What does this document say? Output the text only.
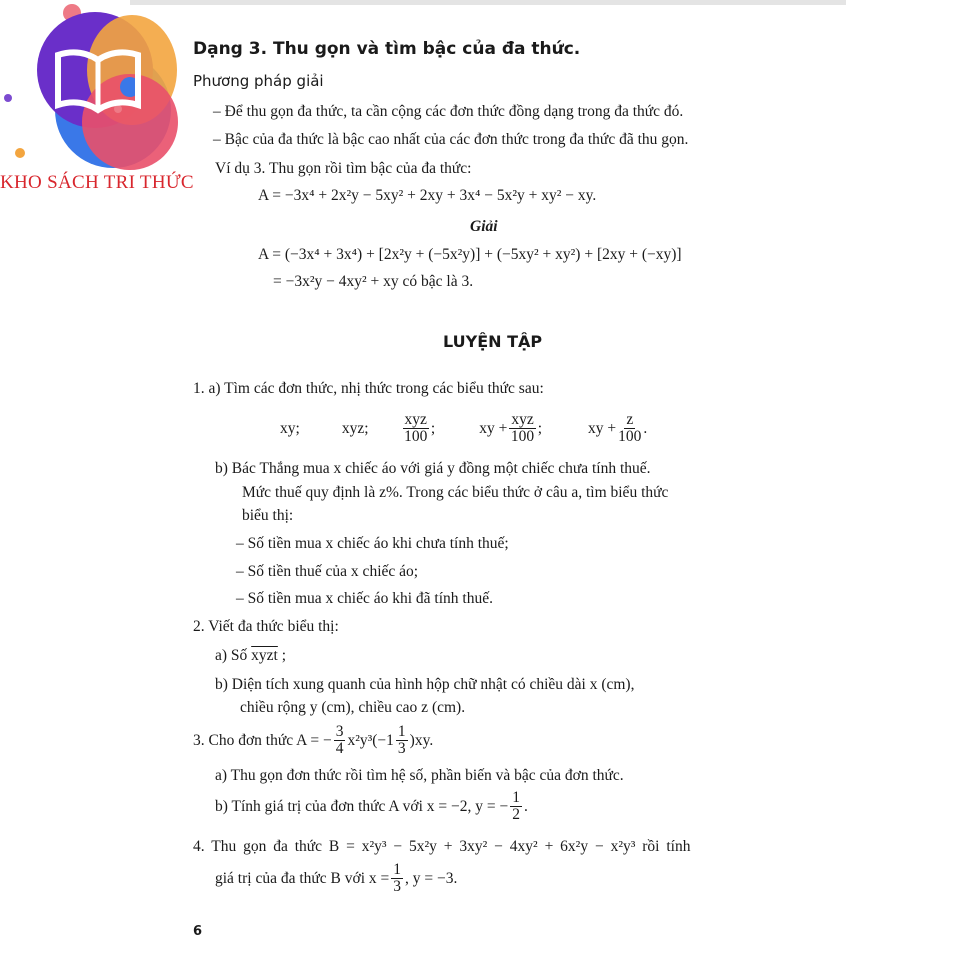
KHO SÁCH TRI THỨC
Dạng 3. Thu gọn và tìm bậc của đa thức.
Phương pháp giải
– Để thu gọn đa thức, ta cần cộng các đơn thức đồng dạng trong đa thức đó.
– Bậc của đa thức là bậc cao nhất của các đơn thức trong đa thức đã thu gọn.
Ví dụ 3. Thu gọn rồi tìm bậc của đa thức:
A = −3x⁴ + 2x²y − 5xy² + 2xy + 3x⁴ − 5x²y + xy² − xy.
Giải
A = (−3x⁴ + 3x⁴) + [2x²y + (−5x²y)] + (−5xy² + xy²) + [2xy + (−xy)]
= −3x²y − 4xy² + xy có bậc là 3.
LUYỆN TẬP
1. a) Tìm các đơn thức, nhị thức trong các biểu thức sau:
xy;	xyz; $\frac{\text{xyz}}{100}$ ;	xy + $\frac{\text{xyz}}{100}$ ;	xy + $\frac{z}{100}$ .
b) Bác Thắng mua x chiếc áo với giá y đồng một chiếc chưa tính thuế.
Mức thuế quy định là z%. Trong các biểu thức ở câu a, tìm biểu thức
biểu thị:
– Số tiền mua x chiếc áo khi chưa tính thuế;
– Số tiền thuế của x chiếc áo;
– Số tiền mua x chiếc áo khi đã tính thuế.
2. Viết đa thức biểu thị:
a) Số xyzt ;
b) Diện tích xung quanh của hình hộp chữ nhật có chiều dài x (cm),
chiều rộng y (cm), chiều cao z (cm).
3. Cho đơn thức A = − $\frac{3}{4} x^2y^3(-1 \frac{1}{3} )xy$.
a) Thu gọn đơn thức rồi tìm hệ số, phần biến và bậc của đơn thức.
b) Tính giá trị của đơn thức A với x = −2, y = − $\frac{1}{2}$ .
4. Thu gọn đa thức B = x²y³ − 5x²y + 3xy² − 4xy² + 6x²y − x²y³ rồi tính
giá trị của đa thức B với $x = \frac{1}{3}$ , y = −3.
6
